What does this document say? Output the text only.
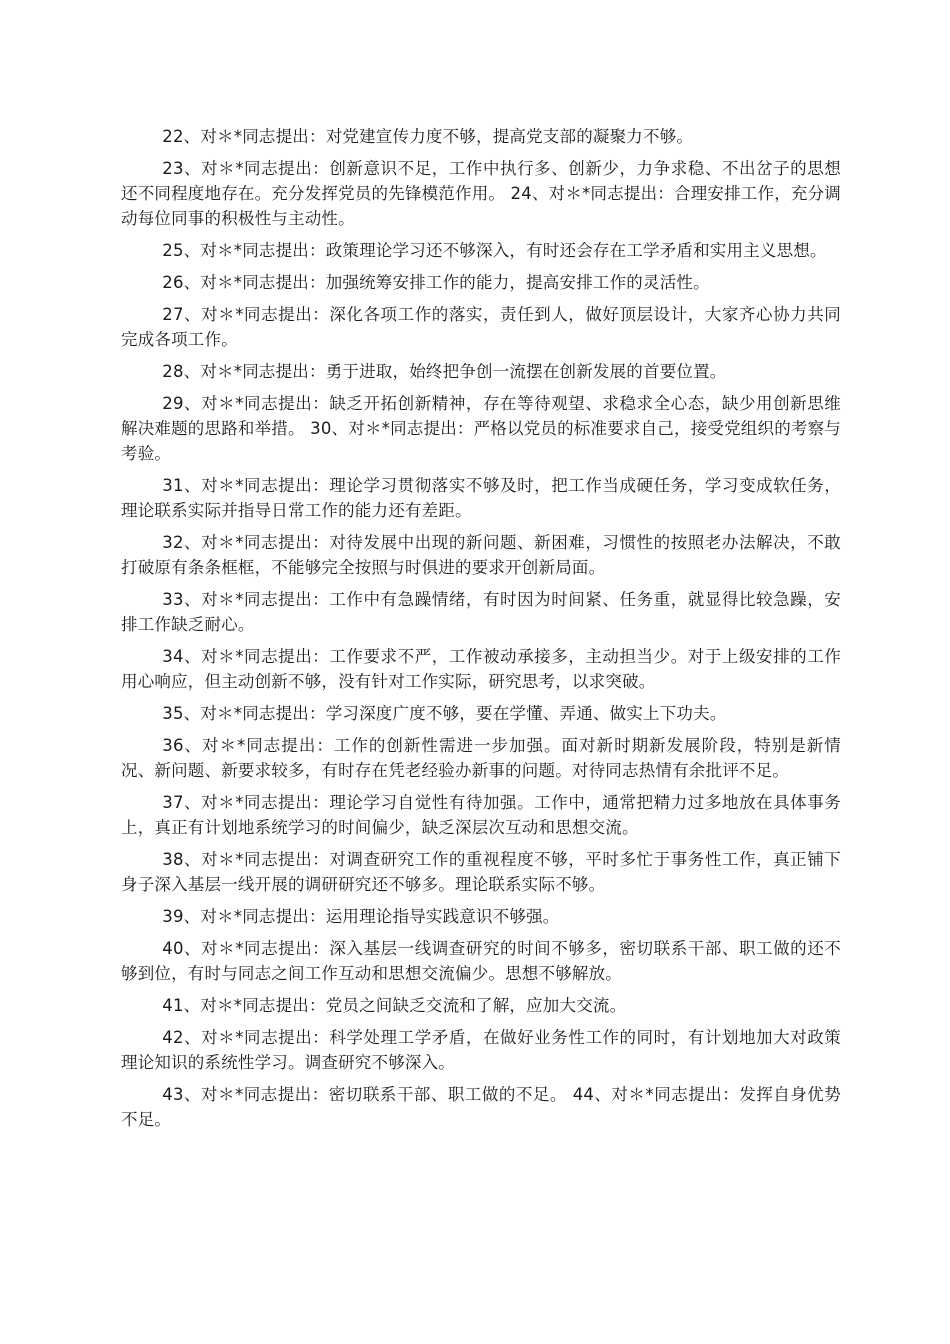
22、对＊*同志提出：对党建宣传力度不够，提高党支部的凝聚力不够。

23、对＊*同志提出：创新意识不足，工作中执行多、创新少，力争求稳、不出岔子的思想还不同程度地存在。充分发挥党员的先锋模范作用。 24、对＊*同志提出：合理安排工作，充分调动每位同事的积极性与主动性。

25、对＊*同志提出：政策理论学习还不够深入，有时还会存在工学矛盾和实用主义思想。

26、对＊*同志提出：加强统筹安排工作的能力，提高安排工作的灵活性。

27、对＊*同志提出：深化各项工作的落实，责任到人，做好顶层设计，大家齐心协力共同完成各项工作。

28、对＊*同志提出：勇于进取，始终把争创一流摆在创新发展的首要位置。

29、对＊*同志提出：缺乏开拓创新精神，存在等待观望、求稳求全心态，缺少用创新思维解决难题的思路和举措。 30、对＊*同志提出：严格以党员的标准要求自己，接受党组织的考察与考验。

31、对＊*同志提出：理论学习贯彻落实不够及时，把工作当成硬任务，学习变成软任务，理论联系实际并指导日常工作的能力还有差距。

32、对＊*同志提出：对待发展中出现的新问题、新困难，习惯性的按照老办法解决，不敢打破原有条条框框，不能够完全按照与时俱进的要求开创新局面。

33、对＊*同志提出：工作中有急躁情绪，有时因为时间紧、任务重，就显得比较急躁，安排工作缺乏耐心。

34、对＊*同志提出：工作要求不严，工作被动承接多，主动担当少。对于上级安排的工作用心响应，但主动创新不够，没有针对工作实际，研究思考，以求突破。

35、对＊*同志提出：学习深度广度不够，要在学懂、弄通、做实上下功夫。

36、对＊*同志提出：工作的创新性需进一步加强。面对新时期新发展阶段，特别是新情况、新问题、新要求较多，有时存在凭老经验办新事的问题。对待同志热情有余批评不足。

37、对＊*同志提出：理论学习自觉性有待加强。工作中，通常把精力过多地放在具体事务上，真正有计划地系统学习的时间偏少，缺乏深层次互动和思想交流。

38、对＊*同志提出：对调查研究工作的重视程度不够，平时多忙于事务性工作，真正铺下身子深入基层一线开展的调研研究还不够多。理论联系实际不够。

39、对＊*同志提出：运用理论指导实践意识不够强。

40、对＊*同志提出：深入基层一线调查研究的时间不够多，密切联系干部、职工做的还不够到位，有时与同志之间工作互动和思想交流偏少。思想不够解放。

41、对＊*同志提出：党员之间缺乏交流和了解，应加大交流。

42、对＊*同志提出：科学处理工学矛盾，在做好业务性工作的同时，有计划地加大对政策理论知识的系统性学习。调查研究不够深入。

43、对＊*同志提出：密切联系干部、职工做的不足。 44、对＊*同志提出：发挥自身优势不足。
